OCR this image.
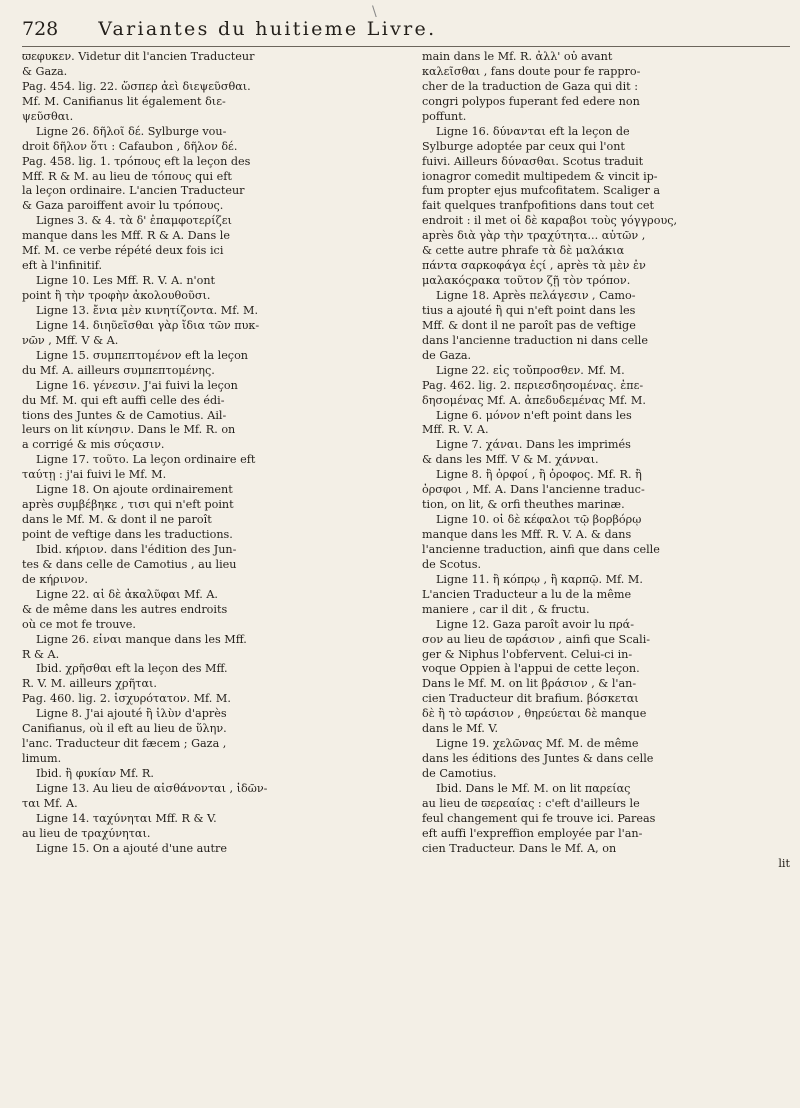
\
728 Variantes du huitieme Livre.
ϖεφυκεν. Videtur dit l'ancien Traducteur
& Gaza.
Pag. 454. lig. 22. ὥσπερ ἀεὶ διεψεῦσθαι.
Mf. M. Canifianus lit également διε-
ψεῦσθαι.
Ligne 26. δῆλοῖ δέ. Sylburge vou-
droit δῆλον ὅτι : Cafaubon , δῆλον δέ.
Pag. 458. lig. 1. τρόπους eft la leçon des
Mff. R & M. au lieu de τόπους qui eft
la leçon ordinaire. L'ancien Traducteur
& Gaza paroiffent avoir lu τρόπους.
Lignes 3. & 4. τὰ δ' ἐπαμφοτερίζει
manque dans les Mff. R & A. Dans le
Mf. M. ce verbe répété deux fois ici
eft à l'infinitif.
Ligne 10. Les Mff. R. V. A. n'ont
point ἢ τὴν τροφὴν ἀκολουθοῦσι.
Ligne 13. ἔνια μὲν κινητίζοντα. Mf. M.
Ligne 14. διηῦεῖσθαι γὰρ ἴδια τῶν πυκ-
νῶν , Mff. V & A.
Ligne 15. συμπεπτομένον eft la leçon
du Mf. A. ailleurs συμπεπτομένης.
Ligne 16. γένεσιν. J'ai fuivi la leçon
du Mf. M. qui eft auffi celle des édi-
tions des Juntes & de Camotius. Ail-
leurs on lit κίνησιν. Dans le Mf. R. on
a corrigé & mis σύςασιν.
Ligne 17. τοῦτο. La leçon ordinaire eft
ταύτῃ : j'ai fuivi le Mf. M.
Ligne 18. On ajoute ordinairement
après συμβέβηκε , τισι qui n'eft point
dans le Mf. M. & dont il ne paroît
point de veftige dans les traductions.
Ibid. κήριον. dans l'édition des Jun-
tes & dans celle de Camotius , au lieu
de κήρινον.
Ligne 22. αἱ δὲ ἀκαλῦφαι Mf. A.
& de même dans les autres endroits
où ce mot fe trouve.
Ligne 26. εἶναι manque dans les Mff.
R & A.
Ibid. χρῆσθαι eft la leçon des Mff.
R. V. M. ailleurs χρῆται.
Pag. 460. lig. 2. ἰσχυρότατον. Mf. M.
Ligne 8. J'ai ajouté ἢ ἰλὺν d'après
Canifianus, où il eft au lieu de ὕλην.
l'anc. Traducteur dit fæcem ; Gaza ,
limum.
Ibid. ἢ φυκίαν Mf. R.
Ligne 13. Au lieu de αἰσθάνονται , ἰδῶν-
ται Mf. A.
Ligne 14. ταχύνηται Mff. R & V.
au lieu de τραχύνηται.
Ligne 15. On a ajouté d'une autre
main dans le Mf. R. ἀλλ' οὐ avant
καλεῖσθαι , fans doute pour fe rappro-
cher de la traduction de Gaza qui dit :
congri polypos fuperant fed edere non
poffunt.
Ligne 16. δύνανται eft la leçon de
Sylburge adoptée par ceux qui l'ont
fuivi. Ailleurs δύνασθαι. Scotus traduit
ionagror comedit multipedem & vincit ip-
fum propter ejus mufcofitatem. Scaliger a
fait quelques tranfpofitions dans tout cet
endroit : il met οἱ δὲ καραβοι τοὺς γόγγρους,
après διὰ γὰρ τὴν τραχύτητα... αὐτῶν ,
& cette autre phrafe τὰ δὲ μαλάκια
πάντα σαρκοφάγα ἐςί , après τὰ μὲν ἐν
μαλακόςρακα τοῦτον ζῇ τὸν τρόπον.
Ligne 18. Après πελάγεσιν , Camo-
tius a ajouté ἢ qui n'eft point dans les
Mff. & dont il ne paroît pas de veftige
dans l'ancienne traduction ni dans celle
de Gaza.
Ligne 22. εἰς τοὔπροσθεν. Mf. M.
Pag. 462. lig. 2. περιεσδησομένας. ἐπε-
δησομένας Mf. A. ἀπεδυδεμένας Mf. M.
Ligne 6. μόνον n'eft point dans les
Mff. R. V. A.
Ligne 7. χάναι. Dans les imprimés
& dans les Mff. V & M. χάνναι.
Ligne 8. ἢ ὀρφοί , ἢ ὀροφος. Mf. R. ἢ
ὀρσφοι , Mf. A. Dans l'ancienne traduc-
tion, on lit, & orfi theuthes marinæ.
Ligne 10. οἱ δὲ κέφαλοι τῷ βορβόρῳ
manque dans les Mff. R. V. A. & dans
l'ancienne traduction, ainfi que dans celle
de Scotus.
Ligne 11. ἢ κόπρῳ , ἢ καρπῷ. Mf. M.
L'ancien Traducteur a lu de la même
maniere , car il dit , & fructu.
Ligne 12. Gaza paroît avoir lu πρά-
σον au lieu de ϖράσιον , ainfi que Scali-
ger & Niphus l'obfervent. Celui-ci in-
voque Oppien à l'appui de cette leçon.
Dans le Mf. M. on lit βράσιον , & l'an-
cien Traducteur dit brafium. βόσκεται
δὲ ἢ τὸ ϖράσιον , θηρεύεται δὲ manque
dans le Mf. V.
Ligne 19. χελῶνας Mf. M. de même
dans les éditions des Juntes & dans celle
de Camotius.
Ibid. Dans le Mf. M. on lit παρείας
au lieu de ϖερεαίας : c'eft d'ailleurs le
feul changement qui fe trouve ici. Pareas
eft auffi l'expreffion employée par l'an-
cien Traducteur. Dans le Mf. A, on
lit
